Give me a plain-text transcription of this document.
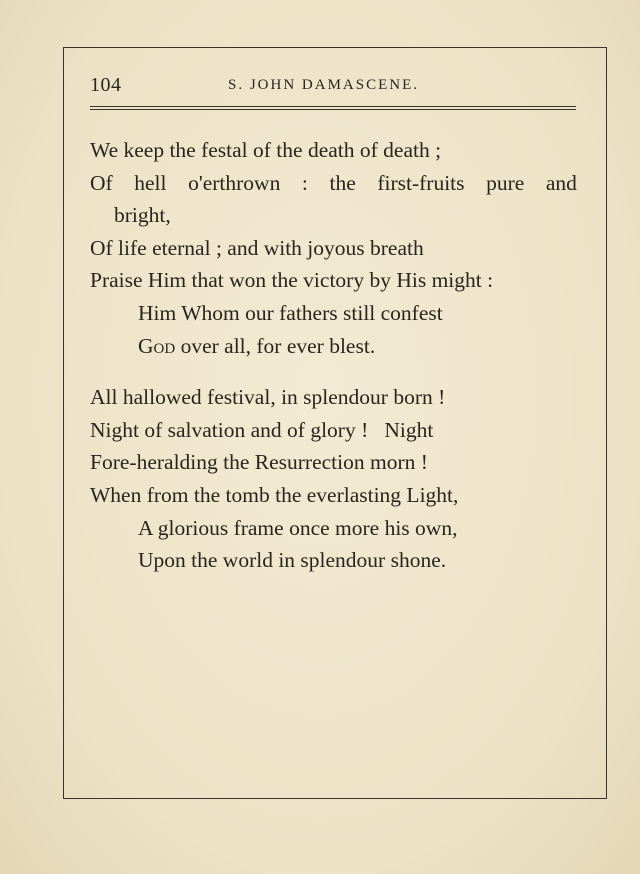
104	S. JOHN DAMASCENE.
We keep the festal of the death of death ;
Of hell o'erthrown : the first-fruits pure and
bright,
Of life eternal ; and with joyous breath
Praise Him that won the victory by His might :
Him Whom our fathers still confest
God over all, for ever blest.
All hallowed festival, in splendour born !
Night of salvation and of glory !   Night
Fore-heralding the Resurrection morn !
When from the tomb the everlasting Light,
A glorious frame once more his own,
Upon the world in splendour shone.
